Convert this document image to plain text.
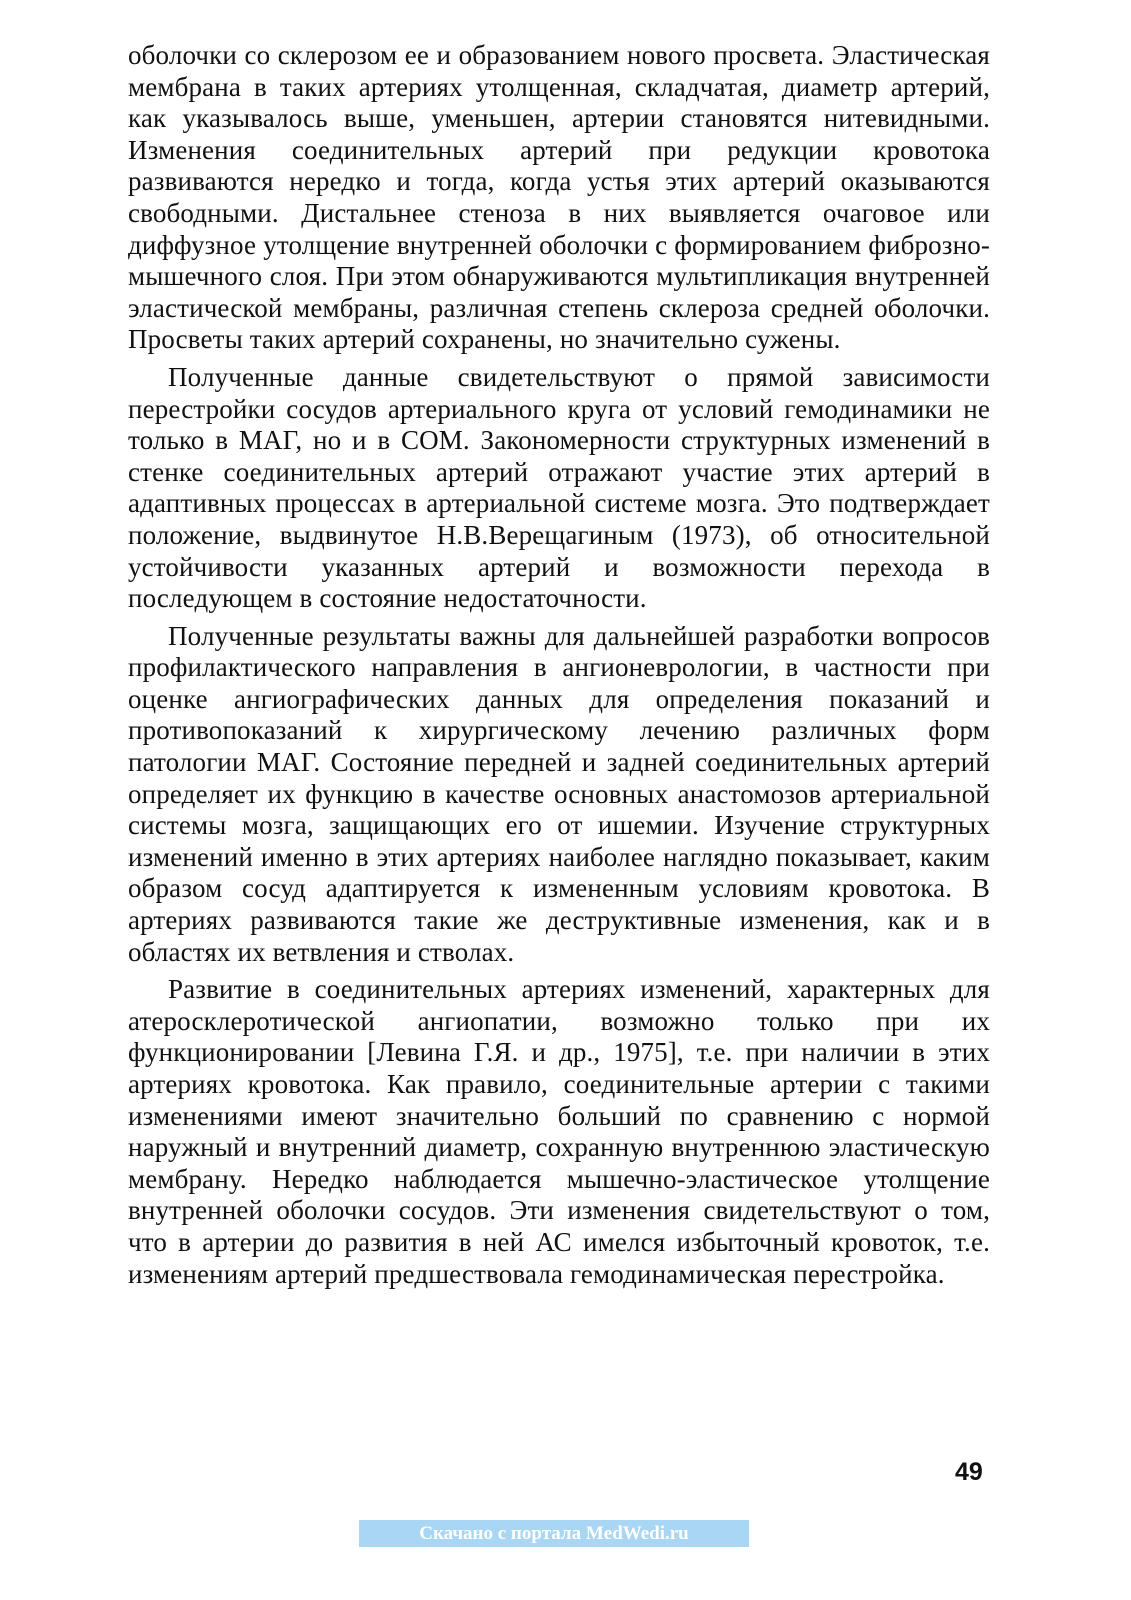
оболочки со склерозом ее и образованием нового просвета. Эластическая мембрана в таких артериях утолщенная, складчатая, диаметр артерий, как указывалось выше, уменьшен, артерии становятся нитевидными. Изменения соединительных артерий при редукции кровотока развиваются нередко и тогда, когда устья этих артерий оказываются свободными. Дистальнее стеноза в них выявляется очаговое или диффузное утолщение внутренней оболочки с формированием фиброзно-мышечного слоя. При этом обнаруживаются мультипликация внутренней эластической мембраны, различная степень склероза средней оболочки. Просветы таких артерий сохранены, но значительно сужены.

Полученные данные свидетельствуют о прямой зависимости перестройки сосудов артериального круга от условий гемодинамики не только в МАГ, но и в СОМ. Закономерности структурных изменений в стенке соединительных артерий отражают участие этих артерий в адаптивных процессах в артериальной системе мозга. Это подтверждает положение, выдвинутое Н.В.Верещагиным (1973), об относительной устойчивости указанных артерий и возможности перехода в последующем в состояние недостаточности.

Полученные результаты важны для дальнейшей разработки вопросов профилактического направления в ангионеврологии, в частности при оценке ангиографических данных для определения показаний и противопоказаний к хирургическому лечению различных форм патологии МАГ. Состояние передней и задней соединительных артерий определяет их функцию в качестве основных анастомозов артериальной системы мозга, защищающих его от ишемии. Изучение структурных изменений именно в этих артериях наиболее наглядно показывает, каким образом сосуд адаптируется к измененным условиям кровотока. В артериях развиваются такие же деструктивные изменения, как и в областях их ветвления и стволах.

Развитие в соединительных артериях изменений, характерных для атеросклеротической ангиопатии, возможно только при их функционировании [Левина Г.Я. и др., 1975], т.е. при наличии в этих артериях кровотока. Как правило, соединительные артерии с такими изменениями имеют значительно больший по сравнению с нормой наружный и внутренний диаметр, сохранную внутреннюю эластическую мембрану. Нередко наблюдается мышечно-эластическое утолщение внутренней оболочки сосудов. Эти изменения свидетельствуют о том, что в артерии до развития в ней АС имелся избыточный кровоток, т.е. изменениям артерий предшествовала гемодинамическая перестройка.

49
Скачано с портала MedWedi.ru
